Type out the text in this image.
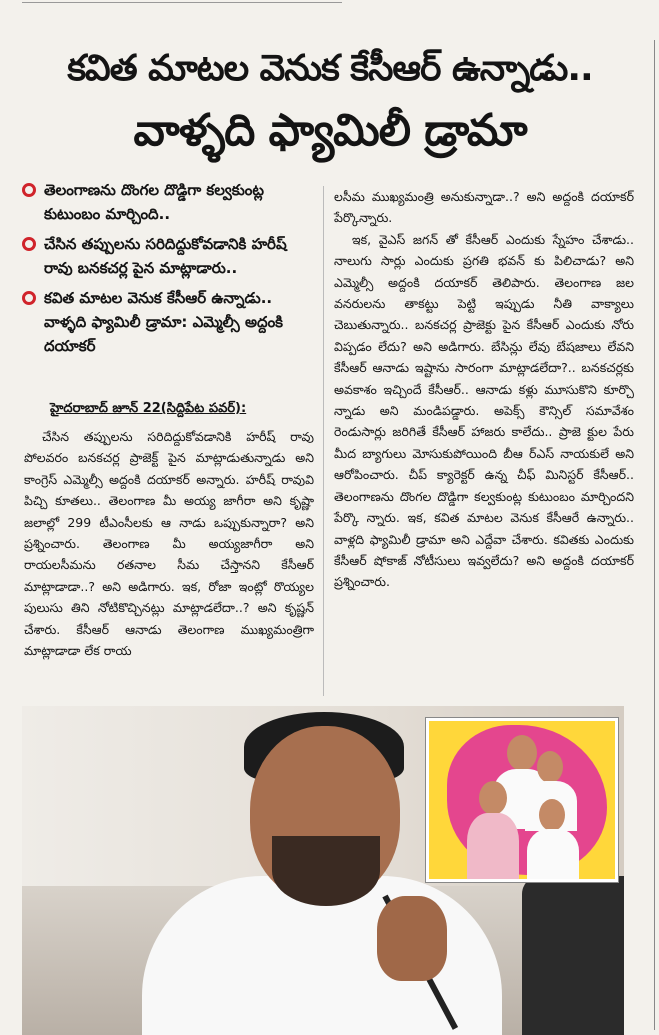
కవిత మాటల వెనుక కేసీఆర్ ఉన్నాడు..
వాళ్ళది ఫ్యామిలీ డ్రామా
తెలంగాణను దొంగల దొడ్డిగా కల్వకుంట్ల కుటుంబం మార్చింది..
చేసిన తప్పులను సరిదిద్దుకోవడానికి హరీష్ రావు బనకచర్ల పైన మాట్లాడారు..
కవిత మాటల వెనుక కేసీఆర్ ఉన్నాడు.. వాళ్ళది ఫ్యామిలీ డ్రామా: ఎమ్మెల్సీ అద్దంకి దయాకర్
హైదరాబాద్ జూన్ 22(సిద్దిపేట పవర్):

చేసిన తప్పులను సరిదిద్దుకోవడానికి హరీష్ రావు పోలవరం బనకచర్ల ప్రాజెక్ట్ పైన మాట్లాడుతున్నాడు అని కాంగ్రెస్ ఎమ్మెల్సీ అద్దంకి దయాకర్ అన్నారు. హరీష్ రావువి పిచ్చి కూతలు.. తెలంగాణ మీ అయ్య జాగీరా అని కృష్ణా జలాల్లో 299 టీఎంసీలకు ఆ నాడు ఒప్పుకున్నారా? అని ప్రశ్నించారు. తెలంగాణ మీ అయ్యజాగీరా అని రాయలసీమను రతనాల సీమ చేస్తానని కేసీఆర్ మాట్లాడాడా..? అని అడిగారు. ఇక, రోజా ఇంట్లో రొయ్యల పులుసు తిని నోటికొచ్చినట్లు మాట్లాడలేదా..? అని కృష్ణన్ చేశారు. కేసీఆర్ ఆనాడు తెలంగాణ ముఖ్యమంత్రిగా మాట్లాడాడా లేక రాయ

లసీమ ముఖ్యమంత్రి అనుకున్నాడా..? అని అద్దంకి దయాకర్ పేర్కొన్నారు.

ఇక, వైఎస్ జగన్ తో కేసీఆర్ ఎందుకు స్నేహం చేశాడు.. నాలుగు సార్లు ఎందుకు ప్రగతి భవన్ కు పిలిచాడు? అని ఎమ్మెల్సీ అద్దంకి దయాకర్ తెలిపారు. తెలంగాణ జల వనరులను తాకట్టు పెట్టి ఇప్పుడు నీతి వాక్యాలు చెబుతున్నారు.. బనకచర్ల ప్రాజెక్టు పైన కేసీఆర్ ఎందుకు నోరు విప్పడం లేదు? అని అడిగారు. బేసిన్లు లేవు బేషజాలు లేవని కేసీఆర్ ఆనాడు ఇష్టాను సారంగా మాట్లాడలేదా?.. బనకచర్లకు అవకాశం ఇచ్చిందే కేసీఆర్.. ఆనాడు కళ్లు మూసుకొని కూర్చొ న్నాడు అని మండిపడ్డారు. అపెక్స్ కౌన్సిల్ సమావేశం రెండుసార్లు జరిగితే కేసీఆర్ హాజరు కాలేదు.. ప్రాజె క్టుల పేరు మీద బ్యాగులు మోసుకుపోయింది బీఆ ర్ఎస్ నాయకులే అని ఆరోపించారు. చీప్ క్యారెక్టర్ ఉన్న చీఫ్ మినిస్టర్ కేసీఆర్.. తెలంగాణను దొంగల దొడ్డిగా కల్వకుంట్ల కుటుంబం మార్చిందని పేర్కొ న్నారు. ఇక, కవిత మాటల వెనుక కేసీఆరే ఉన్నారు.. వాళ్లది ఫ్యామిలీ డ్రామా అని ఎద్దేవా చేశారు. కవితకు ఎందుకు కేసీఆర్ షోకాజ్ నోటీసులు ఇవ్వలేదు? అని అద్దంకి దయాకర్ ప్రశ్నించారు.
